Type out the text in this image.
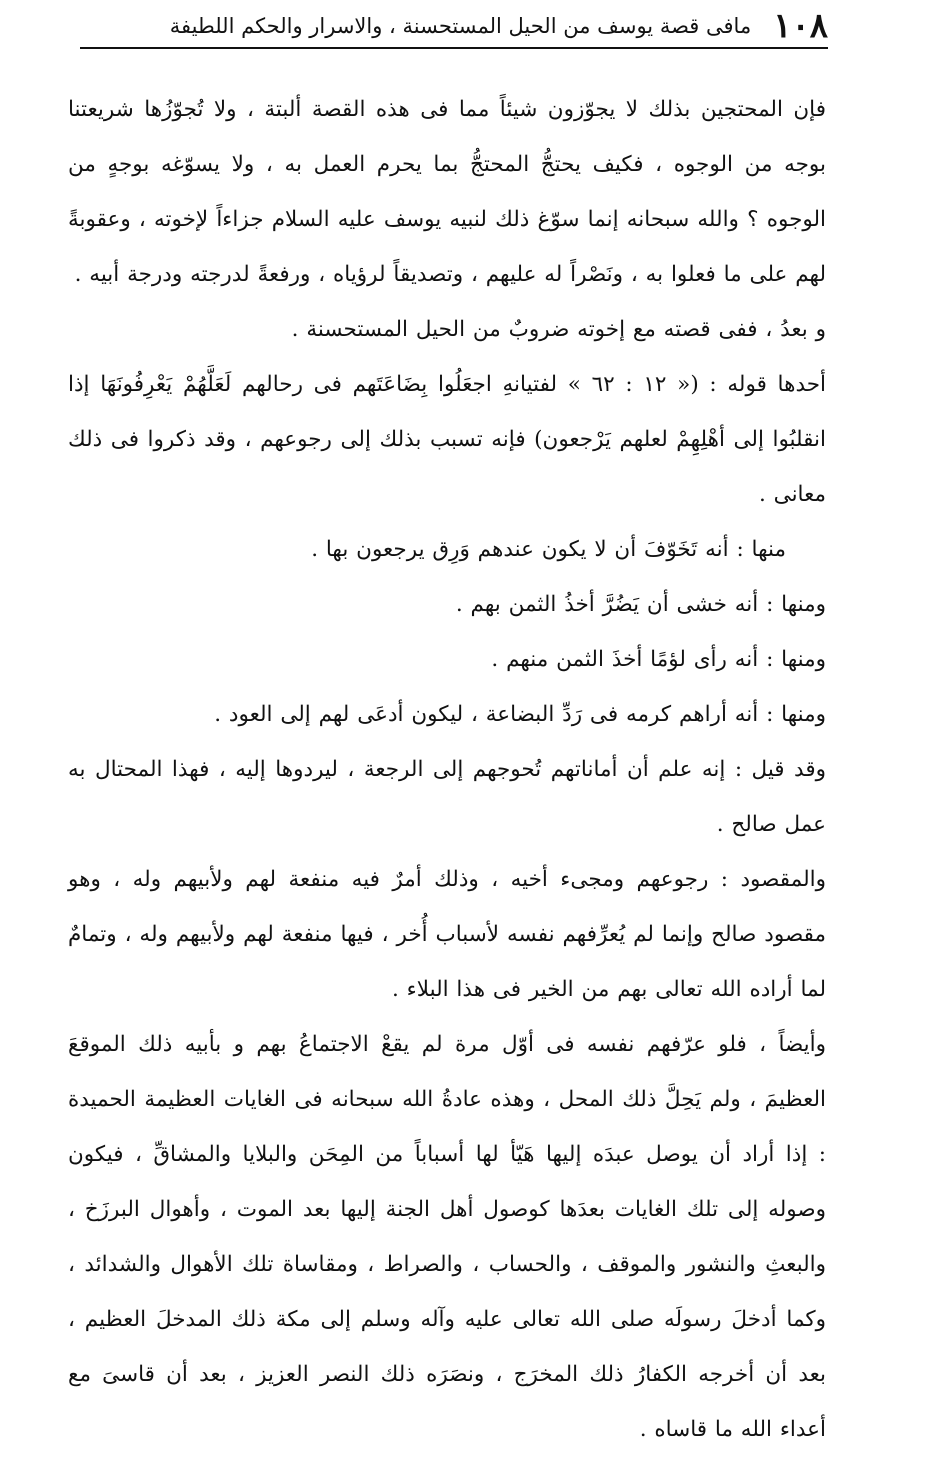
١٠٨
مافى قصة يوسف من الحيل المستحسنة ، والاسرار والحكم اللطيفة

فإن المحتجين بذلك لا يجوّزون شيئاً مما فى هذه القصة ألبتة ، ولا تُجوّزُها شريعتنا بوجه من الوجوه ، فكيف يحتجُّ المحتجُّ بما يحرم العمل به ، ولا يسوّغه بوجهٍ من الوجوه ؟ والله سبحانه إنما سوّغ ذلك لنبيه يوسف عليه السلام جزاءاً لإخوته ، وعقوبةً لهم على ما فعلوا به ، ونَصْراً له عليهم ، وتصديقاً لرؤياه ، ورفعةً لدرجته ودرجة أبيه .

و بعدُ ، ففى قصته مع إخوته ضروبٌ من الحيل المستحسنة .

أحدها قوله : (« ١٢ : ٦٢ » لفتيانهِ اجعَلُوا بِضَاعَتَهم فى رحالهم لَعَلَّهُمْ يَعْرِفُونَهَا إذا انقلبُوا إلى أهْلِهِمْ لعلهم يَرْجعون) فإنه تسبب بذلك إلى رجوعهم ، وقد ذكروا فى ذلك معانى .

منها : أنه تَخَوّفَ أن لا يكون عندهم وَرِق يرجعون بها .

ومنها : أنه خشى أن يَضُرَّ أخذُ الثمن بهم .

ومنها : أنه رأى لؤمًا أخذَ الثمن منهم .

ومنها : أنه أراهم كرمه فى رَدِّ البضاعة ، ليكون أدعَى لهم إلى العود .

وقد قيل : إنه علم أن أماناتهم تُحوجهم إلى الرجعة ، ليردوها إليه ، فهذا المحتال به عمل صالح .

والمقصود : رجوعهم ومجىء أخيه ، وذلك أمرٌ فيه منفعة لهم ولأبيهم وله ، وهو مقصود صالح وإنما لم يُعرِّفهم نفسه لأسباب أُخر ، فيها منفعة لهم ولأبيهم وله ، وتمامٌ لما أراده الله تعالى بهم من الخير فى هذا البلاء .

وأيضاً ، فلو عرّفهم نفسه فى أوّل مرة لم يقعْ الاجتماعُ بهم و بأبيه ذلك الموقعَ العظيمَ ، ولم يَحِلَّ ذلك المحل ، وهذه عادةُ الله سبحانه فى الغايات العظيمة الحميدة : إذا أراد أن يوصل عبدَه إليها هَيّأ لها أسباباً من المِحَن والبلايا والمشاقِّ ، فيكون وصوله إلى تلك الغايات بعدَها كوصول أهل الجنة إليها بعد الموت ، وأهوال البرزَخ ، والبعثِ والنشور والموقف ، والحساب ، والصراط ، ومقاساة تلك الأهوال والشدائد ، وكما أدخلَ رسولَه صلى الله تعالى عليه وآله وسلم إلى مكة ذلك المدخلَ العظيم ، بعد أن أخرجه الكفارُ ذلك المخرَج ، ونصَرَه ذلك النصر العزيز ، بعد أن قاسىَ مع أعداء الله ما قاساه .
